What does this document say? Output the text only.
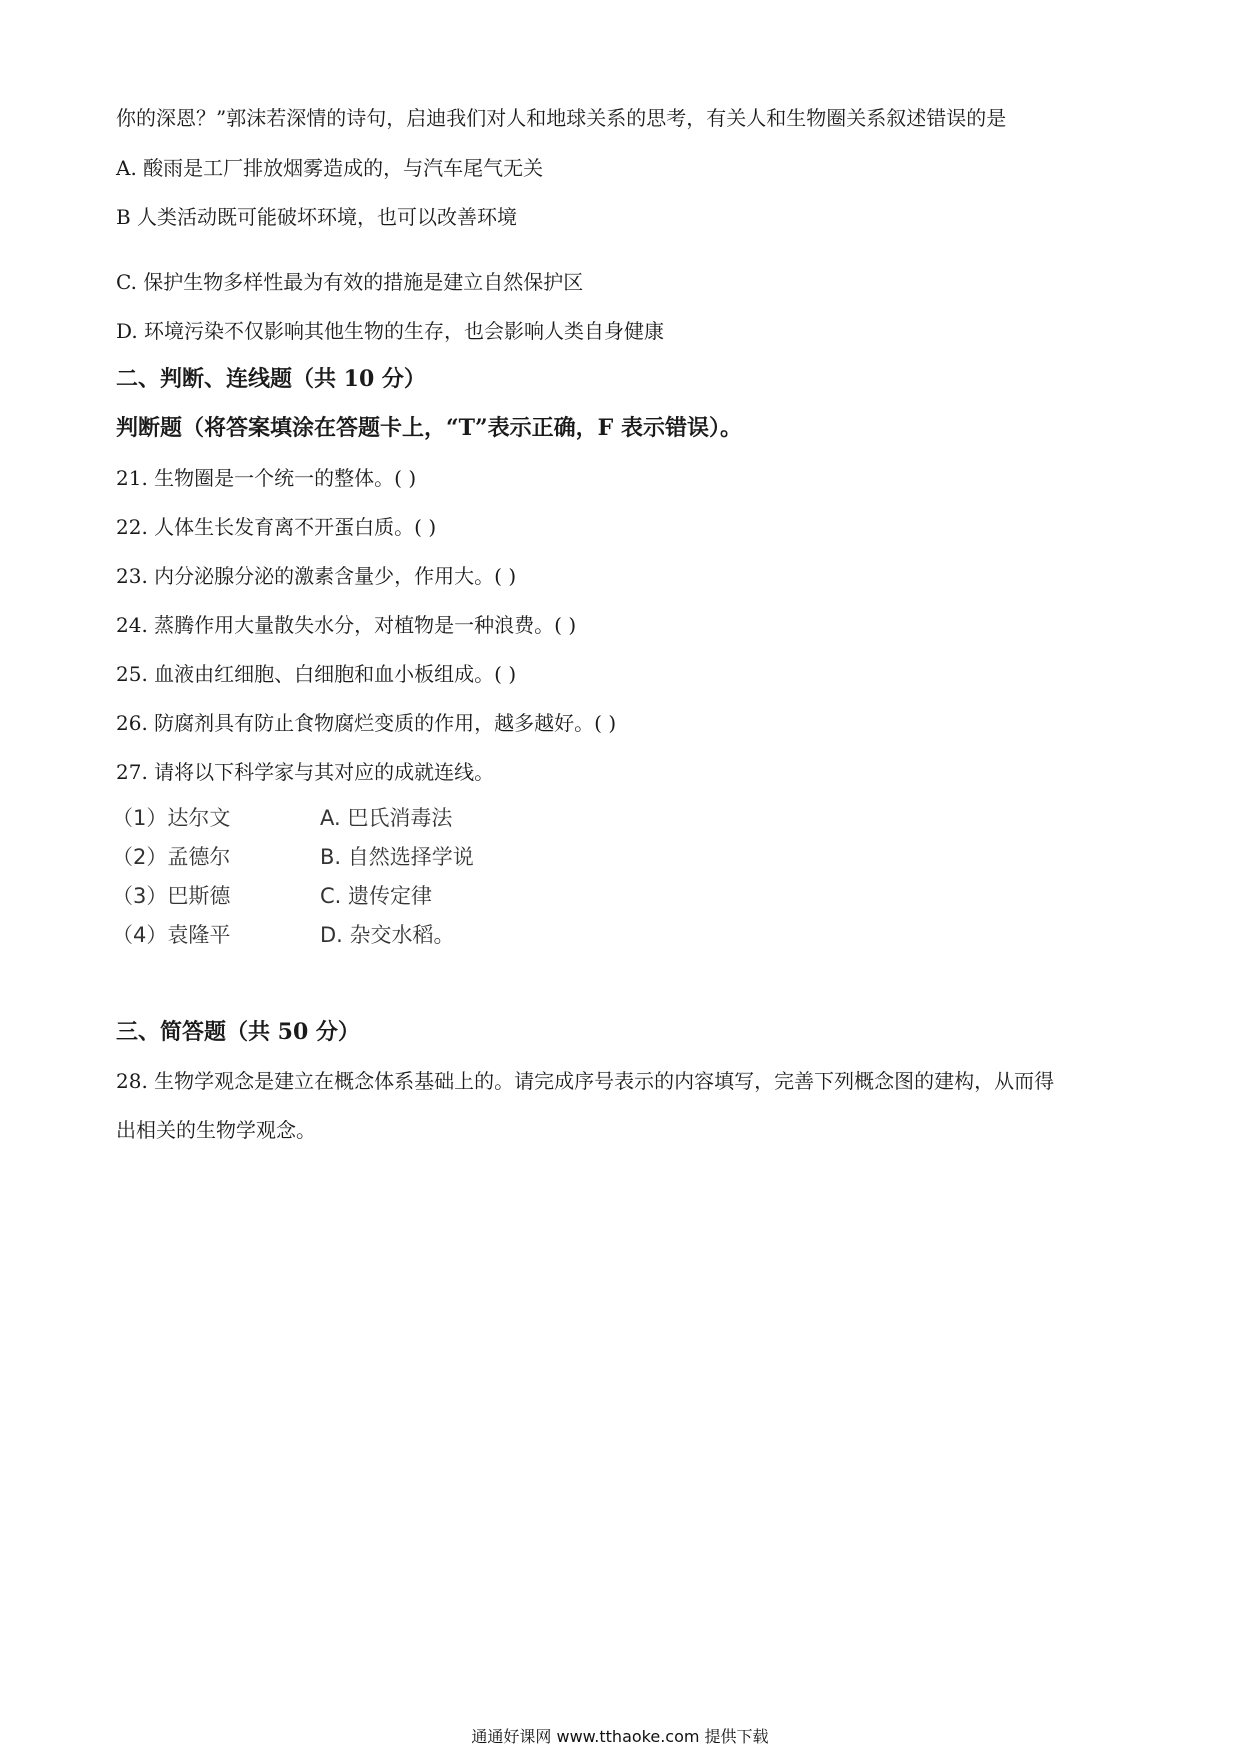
你的深恩？”郭沫若深情的诗句，启迪我们对人和地球关系的思考，有关人和生物圈关系叙述错误的是
A. 酸雨是工厂排放烟雾造成的，与汽车尾气无关
B 人类活动既可能破坏环境，也可以改善环境
C. 保护生物多样性最为有效的措施是建立自然保护区
D. 环境污染不仅影响其他生物的生存，也会影响人类自身健康
二、判断、连线题（共 10 分）
判断题（将答案填涂在答题卡上，“T”表示正确，F 表示错误）。
21. 生物圈是一个统一的整体。( )
22. 人体生长发育离不开蛋白质。( )
23. 内分泌腺分泌的激素含量少，作用大。( )
24. 蒸腾作用大量散失水分，对植物是一种浪费。( )
25. 血液由红细胞、白细胞和血小板组成。( )
26. 防腐剂具有防止食物腐烂变质的作用，越多越好。( )
27. 请将以下科学家与其对应的成就连线。
（1）达尔文
（2）孟德尔
（3）巴斯德
（4）袁隆平
A. 巴氏消毒法
B. 自然选择学说
C. 遗传定律
D. 杂交水稻。
三、简答题（共 50 分）
28. 生物学观念是建立在概念体系基础上的。请完成序号表示的内容填写，完善下列概念图的建构，从而得
出相关的生物学观念。
通通好课网 www.tthaoke.com 提供下载
